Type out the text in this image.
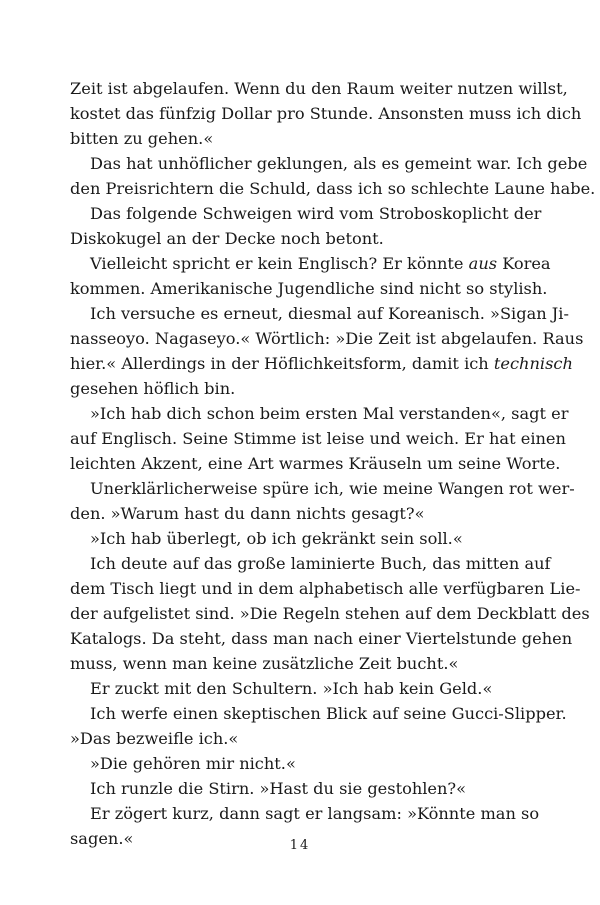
Zeit ist abgelaufen. Wenn du den Raum weiter nutzen willst,
kostet das fünfzig Dollar pro Stunde. Ansonsten muss ich dich
bitten zu gehen.«
Das hat unhöflicher geklungen, als es gemeint war. Ich gebe
den Preisrichtern die Schuld, dass ich so schlechte Laune habe.
Das folgende Schweigen wird vom Stroboskoplicht der
Diskokugel an der Decke noch betont.
Vielleicht spricht er kein Englisch? Er könnte aus Korea
kommen. Amerikanische Jugendliche sind nicht so stylish.
Ich versuche es erneut, diesmal auf Koreanisch. »Sigan Ji-
nasseoyo. Nagaseyo.« Wörtlich: »Die Zeit ist abgelaufen. Raus
hier.« Allerdings in der Höflichkeitsform, damit ich technisch
gesehen höflich bin.
»Ich hab dich schon beim ersten Mal verstanden«, sagt er
auf Englisch. Seine Stimme ist leise und weich. Er hat einen
leichten Akzent, eine Art warmes Kräuseln um seine Worte.
Unerklärlicherweise spüre ich, wie meine Wangen rot wer-
den. »Warum hast du dann nichts gesagt?«
»Ich hab überlegt, ob ich gekränkt sein soll.«
Ich deute auf das große laminierte Buch, das mitten auf
dem Tisch liegt und in dem alphabetisch alle verfügbaren Lie-
der aufgelistet sind. »Die Regeln stehen auf dem Deckblatt des
Katalogs. Da steht, dass man nach einer Viertelstunde gehen
muss, wenn man keine zusätzliche Zeit bucht.«
Er zuckt mit den Schultern. »Ich hab kein Geld.«
Ich werfe einen skeptischen Blick auf seine Gucci-Slipper.
»Das bezweifle ich.«
»Die gehören mir nicht.«
Ich runzle die Stirn. »Hast du sie gestohlen?«
Er zögert kurz, dann sagt er langsam: »Könnte man so
sagen.«	14
